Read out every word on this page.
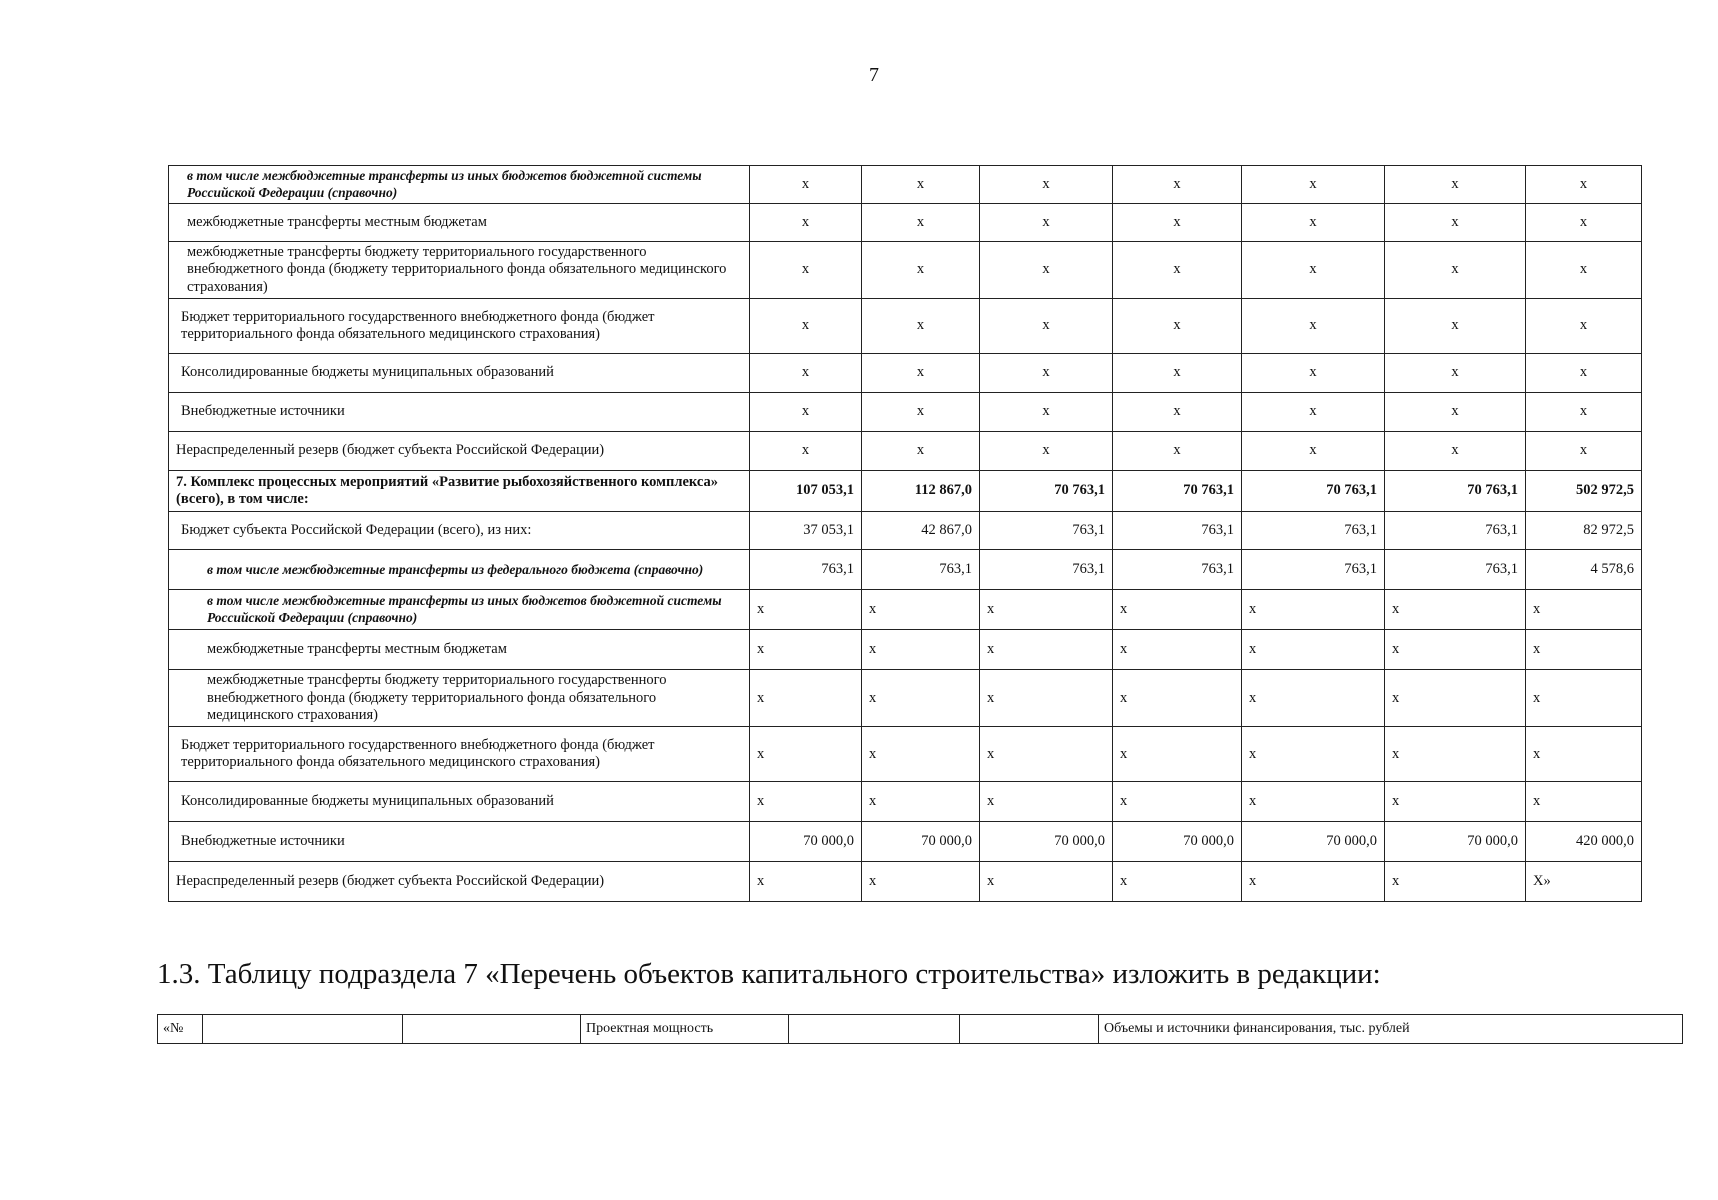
7
в том числе межбюджетные трансферты из иных бюджетов бюджетной системы Российской Федерации (справочно)	x	x	x	x	x	x	x
межбюджетные трансферты местным бюджетам	x	x	x	x	x	x	x
межбюджетные трансферты бюджету территориального государственного внебюджетного фонда (бюджету территориального фонда обязательного медицинского страхования)	x	x	x	x	x	x	x
Бюджет территориального государственного внебюджетного фонда (бюджет территориального фонда обязательного медицинского страхования)	x	x	x	x	x	x	x
Консолидированные бюджеты муниципальных образований	x	x	x	x	x	x	x
Внебюджетные источники	x	x	x	x	x	x	x
Нераспределенный резерв (бюджет субъекта Российской Федерации)	x	x	x	x	x	x	x
7. Комплекс процессных мероприятий «Развитие рыбохозяйственного комплекса» (всего), в том числе:	107 053,1	112 867,0	70 763,1	70 763,1	70 763,1	70 763,1	502 972,5
Бюджет субъекта Российской Федерации (всего), из них:	37 053,1	42 867,0	763,1	763,1	763,1	763,1	82 972,5
в том числе межбюджетные трансферты из федерального бюджета (справочно)	763,1	763,1	763,1	763,1	763,1	763,1	4 578,6
в том числе межбюджетные трансферты из иных бюджетов бюджетной системы Российской Федерации (справочно)	x	x	x	x	x	x	x
межбюджетные трансферты местным бюджетам	x	x	x	x	x	x	x
межбюджетные трансферты бюджету территориального государственного внебюджетного фонда (бюджету территориального фонда обязательного медицинского страхования)	x	x	x	x	x	x	x
Бюджет территориального государственного внебюджетного фонда (бюджет территориального фонда обязательного медицинского страхования)	x	x	x	x	x	x	x
Консолидированные бюджеты муниципальных образований	x	x	x	x	x	x	x
Внебюджетные источники	70 000,0	70 000,0	70 000,0	70 000,0	70 000,0	70 000,0	420 000,0
Нераспределенный резерв (бюджет субъекта Российской Федерации)	x	x	x	x	x	x	X»
1.3. Таблицу подраздела 7 «Перечень объектов капитального строительства» изложить в редакции:
«№			Проектная мощность			Объемы и источники финансирования, тыс. рублей
